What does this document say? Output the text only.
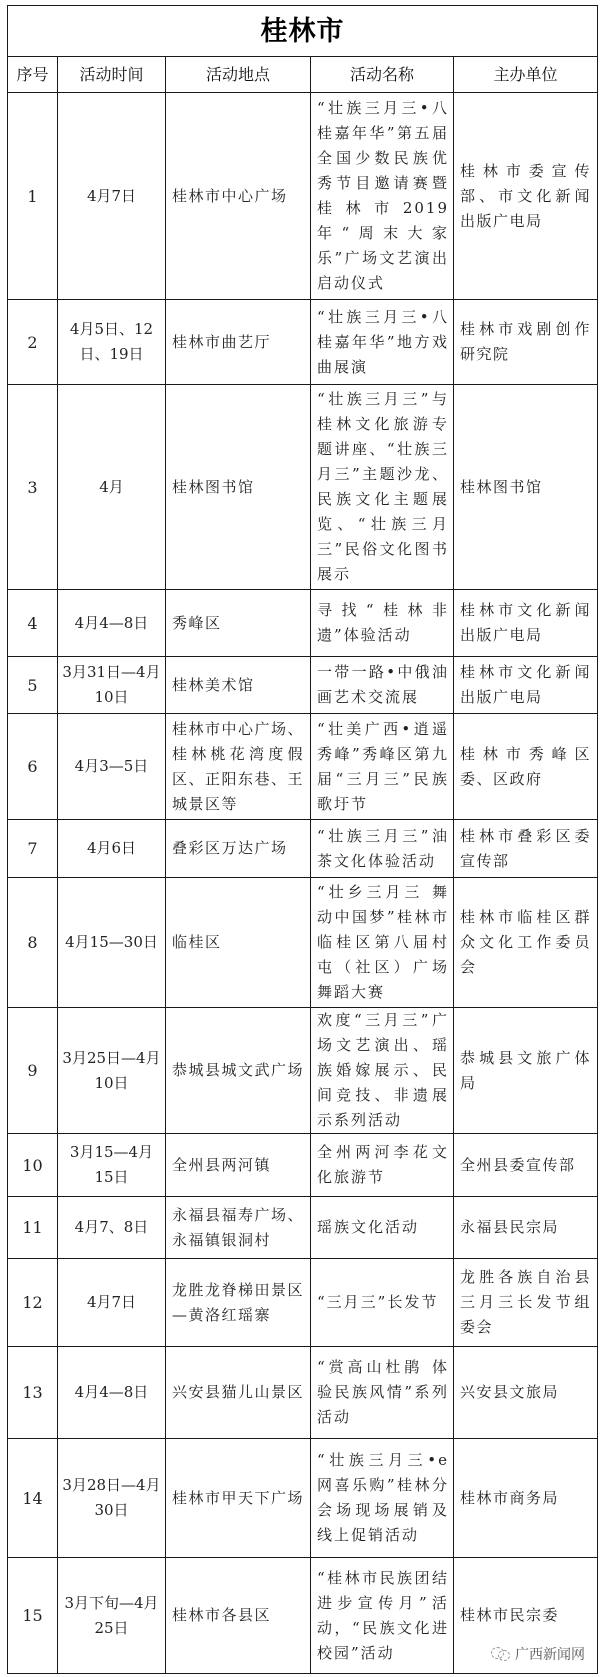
桂林市				
序号	活动时间	活动地点	活动名称	主办单位
1	4月7日	桂林市中心广场	“壮族三月三•八桂嘉年华”第五届全国少数民族优秀节目邀请赛暨桂林市2019年“周末大家乐”广场文艺演出启动仪式	桂林市委宣传部、市文化新闻出版广电局
2	4月5日、12日、19日	桂林市曲艺厅	“壮族三月三•八桂嘉年华”地方戏曲展演	桂林市戏剧创作研究院
3	4月	桂林图书馆	“壮族三月三”与桂林文化旅游专题讲座、“壮族三月三”主题沙龙、民族文化主题展览、“壮族三月三”民俗文化图书展示	桂林图书馆
4	4月4—8日	秀峰区	寻找“桂林非遗”体验活动	桂林市文化新闻出版广电局
5	3月31日—4月10日	桂林美术馆	一带一路•中俄油画艺术交流展	桂林市文化新闻出版广电局
6	4月3—5日	桂林市中心广场、桂林桃花湾度假区、正阳东巷、王城景区等	“壮美广西•逍遥秀峰”秀峰区第九届“三月三”民族歌圩节	桂林市秀峰区委、区政府
7	4月6日	叠彩区万达广场	“壮族三月三”油茶文化体验活动	桂林市叠彩区委宣传部
8	4月15—30日	临桂区	“壮乡三月三 舞动中国梦”桂林市临桂区第八届村屯（社区）广场舞蹈大赛	桂林市临桂区群众文化工作委员会
9	3月25日—4月10日	恭城县城文武广场	欢度“三月三”广场文艺演出、瑶族婚嫁展示、民间竞技、非遗展示系列活动	恭城县文旅广体局
10	3月15—4月15日	全州县两河镇	全州两河李花文化旅游节	全州县委宣传部
11	4月7、8日	永福县福寿广场、永福镇银洞村	瑶族文化活动	永福县民宗局
12	4月7日	龙胜龙脊梯田景区—黄洛红瑶寨	“三月三”长发节	龙胜各族自治县三月三长发节组委会
13	4月4—8日	兴安县猫儿山景区	“赏高山杜鹃 体验民族风情”系列活动	兴安县文旅局
14	3月28日—4月30日	桂林市甲天下广场	“壮族三月三•e网喜乐购”桂林分会场现场展销及线上促销活动	桂林市商务局
15	3月下旬—4月25日	桂林市各县区	“桂林市民族团结进步宣传月”活动，“民族文化进校园”活动	桂林市民宗委
广西新闻网
